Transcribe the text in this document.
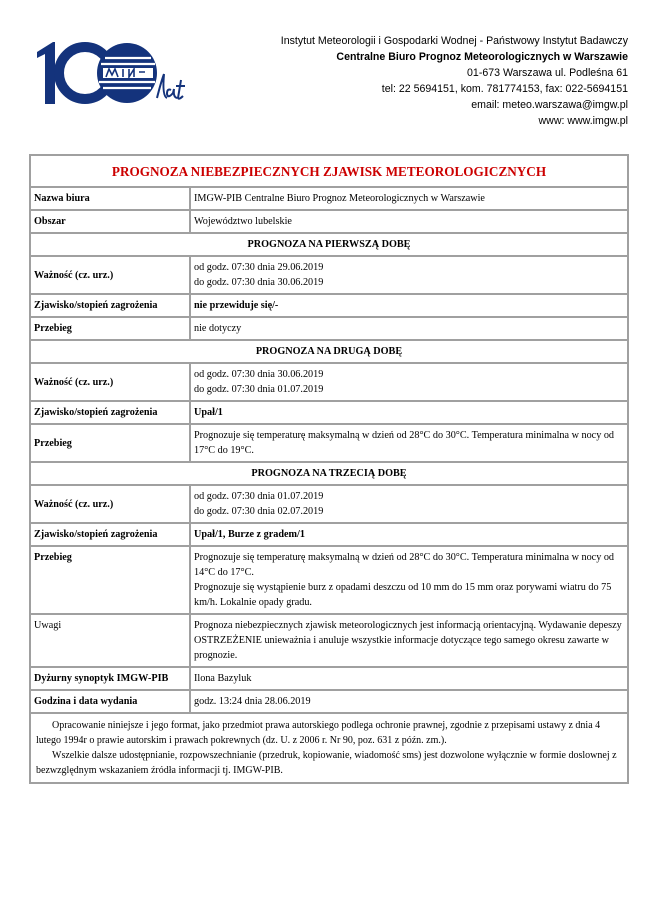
Instytut Meteorologii i Gospodarki Wodnej - Państwowy Instytut Badawczy
Centralne Biuro Prognoz Meteorologicznych w Warszawie
01-673 Warszawa ul. Podleśna 61
tel: 22 5694151, kom. 781774153, fax: 022-5694151
email: meteo.warszawa@imgw.pl
www: www.imgw.pl
PROGNOZA NIEBEZPIECZNYCH ZJAWISK METEOROLOGICZNYCH	
Nazwa biura	IMGW-PIB Centralne Biuro Prognoz Meteorologicznych w Warszawie
Obszar	Województwo lubelskie
PROGNOZA NA PIERWSZĄ DOBĘ	
Ważność (cz. urz.)	od godz. 07:30 dnia 29.06.2019
do godz. 07:30 dnia 30.06.2019

Zjawisko/stopień zagrożenia	nie przewiduje się/-
Przebieg	nie dotyczy
PROGNOZA NA DRUGĄ DOBĘ	
Ważność (cz. urz.)	od godz. 07:30 dnia 30.06.2019
do godz. 07:30 dnia 01.07.2019

Zjawisko/stopień zagrożenia	Upał/1
Przebieg	Prognozuje się temperaturę maksymalną w dzień od 28°C do 30°C. Temperatura minimalna w nocy od 17°C do 19°C.
PROGNOZA NA TRZECIĄ DOBĘ	
Ważność (cz. urz.)	od godz. 07:30 dnia 01.07.2019
do godz. 07:30 dnia 02.07.2019

Zjawisko/stopień zagrożenia	Upał/1, Burze z gradem/1
Przebieg	Prognozuje się temperaturę maksymalną w dzień od 28°C do 30°C. Temperatura minimalna w nocy od 14°C do 17°C.
Prognozuje się wystąpienie burz z opadami deszczu od 10 mm do 15 mm oraz porywami wiatru do 75 km/h. Lokalnie opady gradu.

Uwagi	Prognoza niebezpiecznych zjawisk meteorologicznych jest informacją orientacyjną. Wydawanie depeszy OSTRZEŻENIE unieważnia i anuluje wszystkie informacje dotyczące tego samego okresu zawarte w prognozie.
Dyżurny synoptyk IMGW-PIB	Ilona Bazyluk
Godzina i data wydania	godz. 13:24 dnia 28.06.2019

Opracowanie niniejsze i jego format, jako przedmiot prawa autorskiego podlega ochronie prawnej, zgodnie z przepisami ustawy z dnia 4 lutego 1994r o prawie autorskim i prawach pokrewnych (dz. U. z 2006 r. Nr 90, poz. 631 z późn. zm.).

Wszelkie dalsze udostępnianie, rozpowszechnianie (przedruk, kopiowanie, wiadomość sms) jest dozwolone wyłącznie w formie doslownej z bezwzględnym wskazaniem źródła informacji tj. IMGW-PIB.	
